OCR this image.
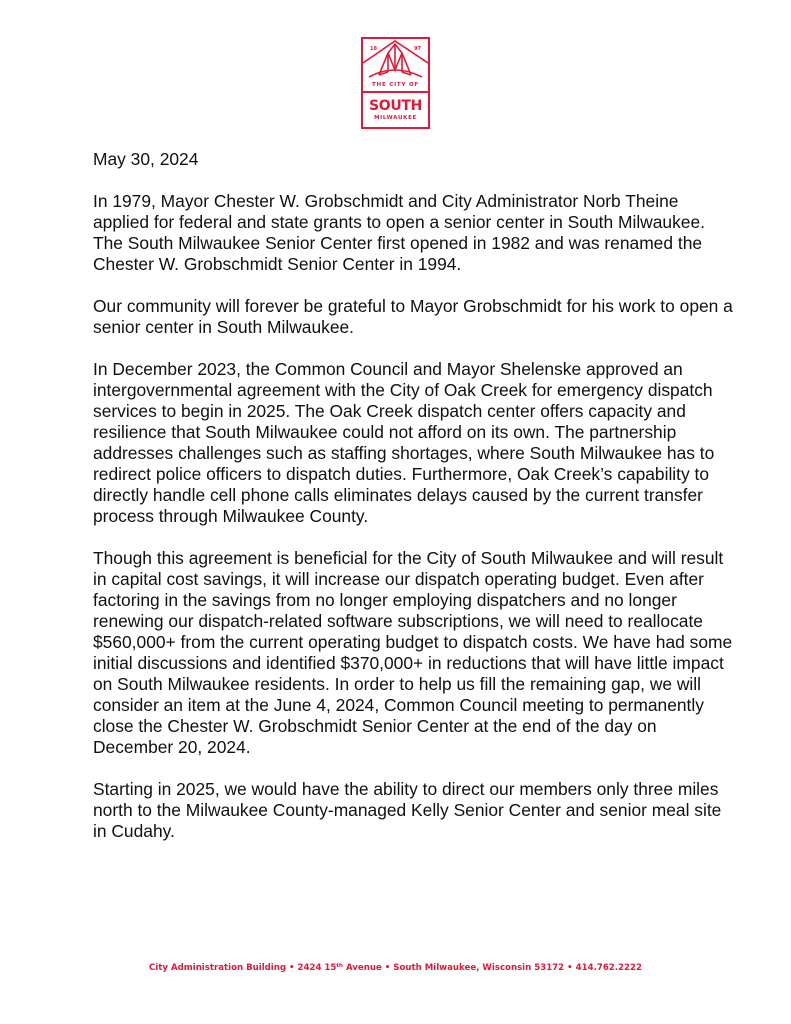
18	97
THE CITY OF
SOUTH
MILWAUKEE

May 30, 2024

In 1979, Mayor Chester W. Grobschmidt and City Administrator Norb Theine applied for federal and state grants to open a senior center in South Milwaukee. The South Milwaukee Senior Center first opened in 1982 and was renamed the Chester W. Grobschmidt Senior Center in 1994.

Our community will forever be grateful to Mayor Grobschmidt for his work to open a senior center in South Milwaukee.

In December 2023, the Common Council and Mayor Shelenske approved an intergovernmental agreement with the City of Oak Creek for emergency dispatch services to begin in 2025. The Oak Creek dispatch center offers capacity and resilience that South Milwaukee could not afford on its own. The partnership addresses challenges such as staffing shortages, where South Milwaukee has to redirect police officers to dispatch duties. Furthermore, Oak Creek’s capability to directly handle cell phone calls eliminates delays caused by the current transfer process through Milwaukee County.

Though this agreement is beneficial for the City of South Milwaukee and will result in capital cost savings, it will increase our dispatch operating budget. Even after factoring in the savings from no longer employing dispatchers and no longer renewing our dispatch-related software subscriptions, we will need to reallocate $560,000+ from the current operating budget to dispatch costs. We have had some initial discussions and identified $370,000+ in reductions that will have little impact on South Milwaukee residents. In order to help us fill the remaining gap, we will consider an item at the June 4, 2024, Common Council meeting to permanently close the Chester W. Grobschmidt Senior Center at the end of the day on December 20, 2024.

Starting in 2025, we would have the ability to direct our members only three miles north to the Milwaukee County-managed Kelly Senior Center and senior meal site in Cudahy.

City Administration Building • 2424 15th Avenue • South Milwaukee, Wisconsin 53172 • 414.762.2222
